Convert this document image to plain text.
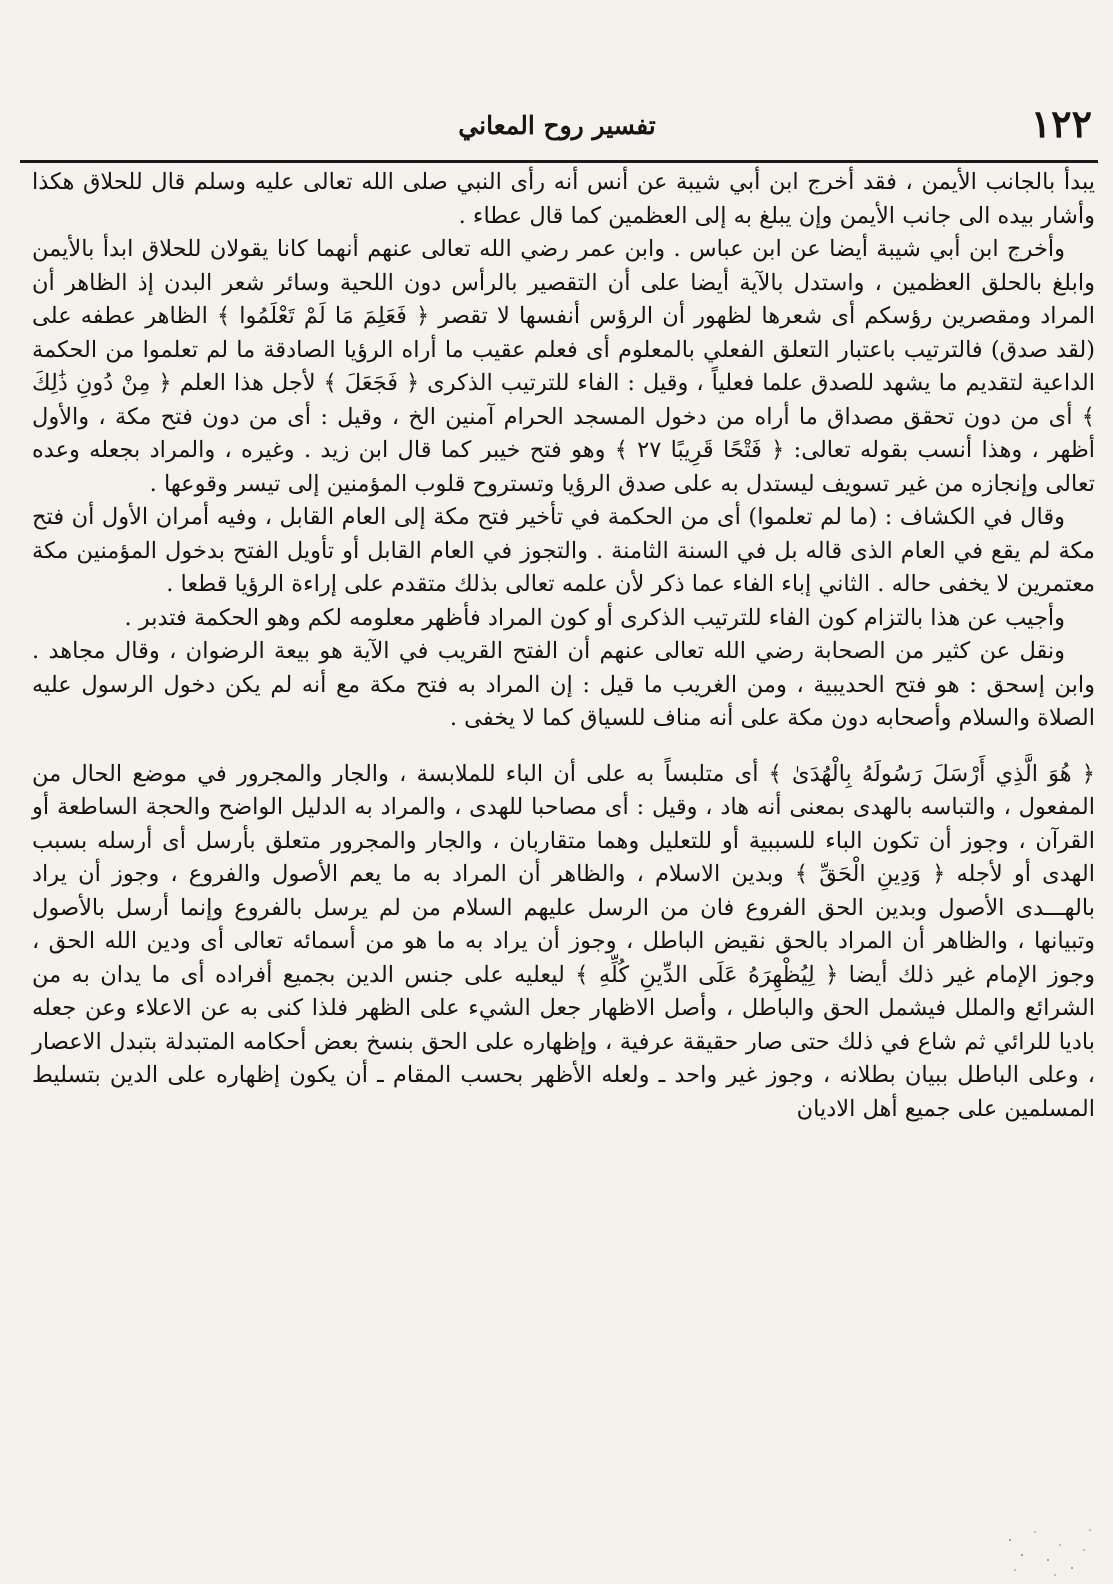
تفسير روح المعاني	١٢٢

يبدأ بالجانب الأيمن ، فقد أخرج ابن أبي شيبة عن أنس أنه رأى النبي صلى الله تعالى عليه وسلم قال للحلاق هكذا وأشار بيده الى جانب الأيمن وإن يبلغ به إلى العظمين كما قال عطاء .

وأخرج ابن أبي شيبة أيضا عن ابن عباس . وابن عمر رضي الله تعالى عنهم أنهما كانا يقولان للحلاق ابدأ بالأيمن وابلغ بالحلق العظمين ، واستدل بالآية أيضا على أن التقصير بالرأس دون اللحية وسائر شعر البدن إذ الظاهر أن المراد ومقصرين رؤسكم أى شعرها لظهور أن الرؤس أنفسها لا تقصر ﴿ فَعَلِمَ مَا لَمْ تَعْلَمُوا ﴾ الظاهر عطفه على (لقد صدق) فالترتيب باعتبار التعلق الفعلي بالمعلوم أى فعلم عقيب ما أراه الرؤيا الصادقة ما لم تعلموا من الحكمة الداعية لتقديم ما يشهد للصدق علما فعلياً ، وقيل : الفاء للترتيب الذكرى ﴿ فَجَعَلَ ﴾ لأجل هذا العلم ﴿ مِنْ دُونِ ذَٰلِكَ ﴾ أى من دون تحقق مصداق ما أراه من دخول المسجد الحرام آمنين الخ ، وقيل : أى من دون فتح مكة ، والأول أظهر ، وهذا أنسب بقوله تعالى: ﴿ فَتْحًا قَرِيبًا ٢٧ ﴾ وهو فتح خيبر كما قال ابن زيد . وغيره ، والمراد بجعله وعده تعالى وإنجازه من غير تسويف ليستدل به على صدق الرؤيا وتستروح قلوب المؤمنين إلى تيسر وقوعها .

وقال في الكشاف : (ما لم تعلموا) أى من الحكمة في تأخير فتح مكة إلى العام القابل ، وفيه أمران الأول أن فتح مكة لم يقع في العام الذى قاله بل في السنة الثامنة . والتجوز في العام القابل أو تأويل الفتح بدخول المؤمنين مكة معتمرين لا يخفى حاله . الثاني إباء الفاء عما ذكر لأن علمه تعالى بذلك متقدم على إراءة الرؤيا قطعا .

وأجيب عن هذا بالتزام كون الفاء للترتيب الذكرى أو كون المراد فأظهر معلومه لكم وهو الحكمة فتدبر .

ونقل عن كثير من الصحابة رضي الله تعالى عنهم أن الفتح القريب في الآية هو بيعة الرضوان ، وقال مجاهد . وابن إسحق : هو فتح الحديبية ، ومن الغريب ما قيل : إن المراد به فتح مكة مع أنه لم يكن دخول الرسول عليه الصلاة والسلام وأصحابه دون مكة على أنه مناف للسياق كما لا يخفى .

﴿ هُوَ الَّذِي أَرْسَلَ رَسُولَهُ بِالْهُدَىٰ ﴾ أى متلبساً به على أن الباء للملابسة ، والجار والمجرور في موضع الحال من المفعول ، والتباسه بالهدى بمعنى أنه هاد ، وقيل : أى مصاحبا للهدى ، والمراد به الدليل الواضح والحجة الساطعة أو القرآن ، وجوز أن تكون الباء للسببية أو للتعليل وهما متقاربان ، والجار والمجرور متعلق بأرسل أى أرسله بسبب الهدى أو لأجله ﴿ وَدِينِ الْحَقِّ ﴾ وبدين الاسلام ، والظاهر أن المراد به ما يعم الأصول والفروع ، وجوز أن يراد بالهـــدى الأصول وبدين الحق الفروع فان من الرسل عليهم السلام من لم يرسل بالفروع وإنما أرسل بالأصول وتبيانها ، والظاهر أن المراد بالحق نقيض الباطل ، وجوز أن يراد به ما هو من أسمائه تعالى أى ودين الله الحق ، وجوز الإمام غير ذلك أيضا ﴿ لِيُظْهِرَهُ عَلَى الدِّينِ كُلِّهِ ﴾ ليعليه على جنس الدين بجميع أفراده أى ما يدان به من الشرائع والملل فيشمل الحق والباطل ، وأصل الاظهار جعل الشيء على الظهر فلذا كنى به عن الاعلاء وعن جعله باديا للرائي ثم شاع في ذلك حتى صار حقيقة عرفية ، وإظهاره على الحق بنسخ بعض أحكامه المتبدلة بتبدل الاعصار ، وعلى الباطل ببيان بطلانه ، وجوز غير واحد ـ ولعله الأظهر بحسب المقام ـ أن يكون إظهاره على الدين بتسليط المسلمين على جميع أهل الاديان
